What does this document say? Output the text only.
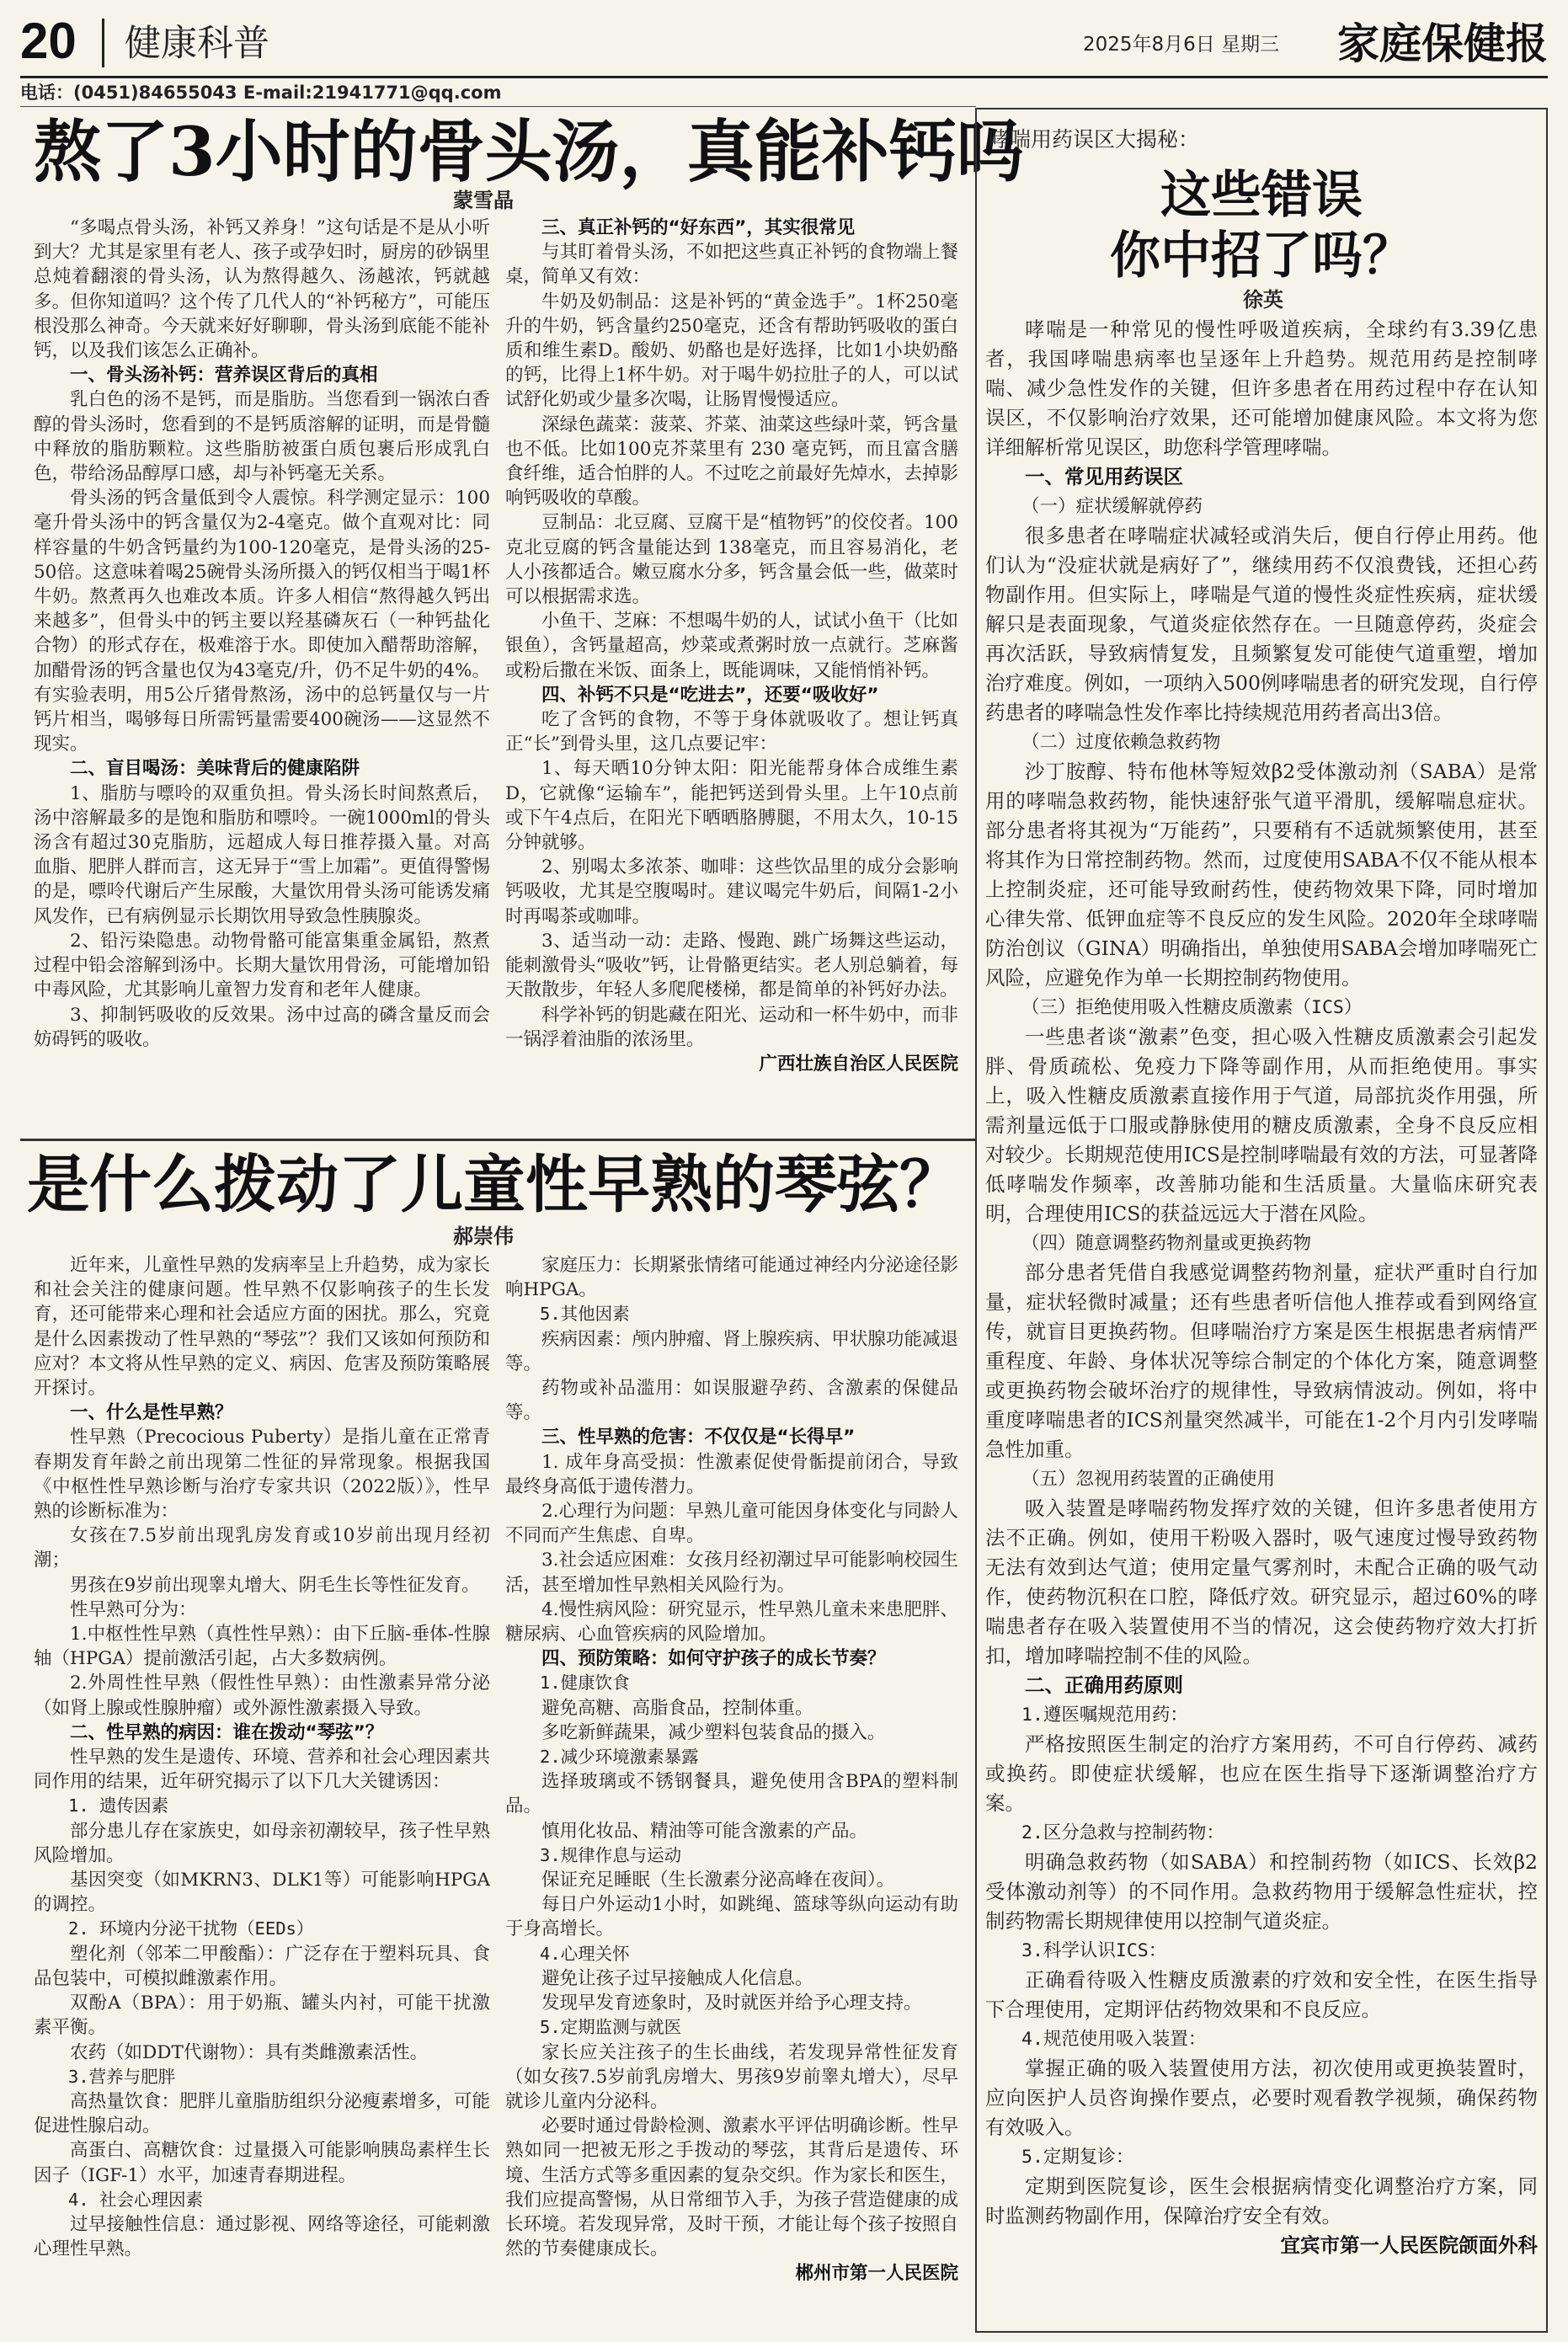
20 健康科普	2025年8月6日 星期三 家庭保健报
电话：(0451)84655043 E-mail:21941771@qq.com
熬了3小时的骨头汤，真能补钙吗
蒙雪晶

“多喝点骨头汤，补钙又养身！”这句话是不是从小听到大？尤其是家里有老人、孩子或孕妇时，厨房的砂锅里总炖着翻滚的骨头汤，认为熬得越久、汤越浓，钙就越多。但你知道吗？这个传了几代人的“补钙秘方”，可能压根没那么神奇。今天就来好好聊聊，骨头汤到底能不能补钙，以及我们该怎么正确补。

一、骨头汤补钙：营养误区背后的真相

乳白色的汤不是钙，而是脂肪。当您看到一锅浓白香醇的骨头汤时，您看到的不是钙质溶解的证明，而是骨髓中释放的脂肪颗粒。这些脂肪被蛋白质包裹后形成乳白色，带给汤品醇厚口感，却与补钙毫无关系。

骨头汤的钙含量低到令人震惊。科学测定显示：100毫升骨头汤中的钙含量仅为2-4毫克。做个直观对比：同样容量的牛奶含钙量约为100-120毫克，是骨头汤的25-50倍。这意味着喝25碗骨头汤所摄入的钙仅相当于喝1杯牛奶。熬煮再久也难改本质。许多人相信“熬得越久钙出来越多”，但骨头中的钙主要以羟基磷灰石（一种钙盐化合物）的形式存在，极难溶于水。即使加入醋帮助溶解，加醋骨汤的钙含量也仅为43毫克/升，仍不足牛奶的4%。有实验表明，用5公斤猪骨熬汤，汤中的总钙量仅与一片钙片相当，喝够每日所需钙量需要400碗汤——这显然不现实。

二、盲目喝汤：美味背后的健康陷阱

1、脂肪与嘌呤的双重负担。骨头汤长时间熬煮后，汤中溶解最多的是饱和脂肪和嘌呤。一碗1000ml的骨头汤含有超过30克脂肪，远超成人每日推荐摄入量。对高血脂、肥胖人群而言，这无异于“雪上加霜”。更值得警惕的是，嘌呤代谢后产生尿酸，大量饮用骨头汤可能诱发痛风发作，已有病例显示长期饮用导致急性胰腺炎。

2、铅污染隐患。动物骨骼可能富集重金属铅，熬煮过程中铅会溶解到汤中。长期大量饮用骨汤，可能增加铅中毒风险，尤其影响儿童智力发育和老年人健康。

3、抑制钙吸收的反效果。汤中过高的磷含量反而会妨碍钙的吸收。

三、真正补钙的“好东西”，其实很常见

与其盯着骨头汤，不如把这些真正补钙的食物端上餐桌，简单又有效：

牛奶及奶制品：这是补钙的“黄金选手”。1杯250毫升的牛奶，钙含量约250毫克，还含有帮助钙吸收的蛋白质和维生素D。酸奶、奶酪也是好选择，比如1小块奶酪的钙，比得上1杯牛奶。对于喝牛奶拉肚子的人，可以试试舒化奶或少量多次喝，让肠胃慢慢适应。

深绿色蔬菜：菠菜、芥菜、油菜这些绿叶菜，钙含量也不低。比如100克芥菜里有 230 毫克钙，而且富含膳食纤维，适合怕胖的人。不过吃之前最好先焯水，去掉影响钙吸收的草酸。

豆制品：北豆腐、豆腐干是“植物钙”的佼佼者。100克北豆腐的钙含量能达到 138毫克，而且容易消化，老人小孩都适合。嫩豆腐水分多，钙含量会低一些，做菜时可以根据需求选。

小鱼干、芝麻：不想喝牛奶的人，试试小鱼干（比如银鱼），含钙量超高，炒菜或煮粥时放一点就行。芝麻酱或粉后撒在米饭、面条上，既能调味，又能悄悄补钙。

四、补钙不只是“吃进去”，还要“吸收好”

吃了含钙的食物，不等于身体就吸收了。想让钙真正“长”到骨头里，这几点要记牢：

1、每天晒10分钟太阳：阳光能帮身体合成维生素D，它就像“运输车”，能把钙送到骨头里。上午10点前或下午4点后，在阳光下晒晒胳膊腿，不用太久，10-15分钟就够。

2、别喝太多浓茶、咖啡：这些饮品里的成分会影响钙吸收，尤其是空腹喝时。建议喝完牛奶后，间隔1-2小时再喝茶或咖啡。

3、适当动一动：走路、慢跑、跳广场舞这些运动，能刺激骨头“吸收”钙，让骨骼更结实。老人别总躺着，每天散散步，年轻人多爬爬楼梯，都是简单的补钙好办法。

科学补钙的钥匙藏在阳光、运动和一杯牛奶中，而非一锅浮着油脂的浓汤里。

广西壮族自治区人民医院

是什么拨动了儿童性早熟的琴弦？
郝崇伟

近年来，儿童性早熟的发病率呈上升趋势，成为家长和社会关注的健康问题。性早熟不仅影响孩子的生长发育，还可能带来心理和社会适应方面的困扰。那么，究竟是什么因素拨动了性早熟的“琴弦”？我们又该如何预防和应对？本文将从性早熟的定义、病因、危害及预防策略展开探讨。

一、什么是性早熟？

性早熟（Precocious Puberty）是指儿童在正常青春期发育年龄之前出现第二性征的异常现象。根据我国《中枢性性早熟诊断与治疗专家共识（2022版）》，性早熟的诊断标准为：

女孩在7.5岁前出现乳房发育或10岁前出现月经初潮；

男孩在9岁前出现睾丸增大、阴毛生长等性征发育。

性早熟可分为：

1.中枢性性早熟（真性性早熟）：由下丘脑-垂体-性腺轴（HPGA）提前激活引起，占大多数病例。

2.外周性性早熟（假性性早熟）：由性激素异常分泌（如肾上腺或性腺肿瘤）或外源性激素摄入导致。

二、性早熟的病因：谁在拨动“琴弦”？

性早熟的发生是遗传、环境、营养和社会心理因素共同作用的结果，近年研究揭示了以下几大关键诱因：

1. 遗传因素

部分患儿存在家族史，如母亲初潮较早，孩子性早熟风险增加。

基因突变（如MKRN3、DLK1等）可能影响HPGA的调控。

2. 环境内分泌干扰物（EEDs）

塑化剂（邻苯二甲酸酯）：广泛存在于塑料玩具、食品包装中，可模拟雌激素作用。

双酚A（BPA）：用于奶瓶、罐头内衬，可能干扰激素平衡。

农药（如DDT代谢物）：具有类雌激素活性。

3.营养与肥胖

高热量饮食：肥胖儿童脂肪组织分泌瘦素增多，可能促进性腺启动。

高蛋白、高糖饮食：过量摄入可能影响胰岛素样生长因子（IGF-1）水平，加速青春期进程。

4. 社会心理因素

过早接触性信息：通过影视、网络等途径，可能刺激心理性早熟。

家庭压力：长期紧张情绪可能通过神经内分泌途径影响HPGA。

5.其他因素

疾病因素：颅内肿瘤、肾上腺疾病、甲状腺功能减退等。

药物或补品滥用：如误服避孕药、含激素的保健品等。

三、性早熟的危害：不仅仅是“长得早”

1. 成年身高受损：性激素促使骨骺提前闭合，导致最终身高低于遗传潜力。

2.心理行为问题：早熟儿童可能因身体变化与同龄人不同而产生焦虑、自卑。

3.社会适应困难：女孩月经初潮过早可能影响校园生活，甚至增加性早熟相关风险行为。

4.慢性病风险：研究显示，性早熟儿童未来患肥胖、糖尿病、心血管疾病的风险增加。

四、预防策略：如何守护孩子的成长节奏？

1.健康饮食

避免高糖、高脂食品，控制体重。

多吃新鲜蔬果，减少塑料包装食品的摄入。

2.减少环境激素暴露

选择玻璃或不锈钢餐具，避免使用含BPA的塑料制品。

慎用化妆品、精油等可能含激素的产品。

3.规律作息与运动

保证充足睡眠（生长激素分泌高峰在夜间）。

每日户外运动1小时，如跳绳、篮球等纵向运动有助于身高增长。

4.心理关怀

避免让孩子过早接触成人化信息。

发现早发育迹象时，及时就医并给予心理支持。

5.定期监测与就医

家长应关注孩子的生长曲线，若发现异常性征发育（如女孩7.5岁前乳房增大、男孩9岁前睾丸增大），尽早就诊儿童内分泌科。

必要时通过骨龄检测、激素水平评估明确诊断。性早熟如同一把被无形之手拨动的琴弦，其背后是遗传、环境、生活方式等多重因素的复杂交织。作为家长和医生，我们应提高警惕，从日常细节入手，为孩子营造健康的成长环境。若发现异常，及时干预，才能让每个孩子按照自然的节奏健康成长。

郴州市第一人民医院

哮喘用药误区大揭秘：
这些错误
你中招了吗？
徐英

哮喘是一种常见的慢性呼吸道疾病，全球约有3.39亿患者，我国哮喘患病率也呈逐年上升趋势。规范用药是控制哮喘、减少急性发作的关键，但许多患者在用药过程中存在认知误区，不仅影响治疗效果，还可能增加健康风险。本文将为您详细解析常见误区，助您科学管理哮喘。

一、常见用药误区

（一）症状缓解就停药

很多患者在哮喘症状减轻或消失后，便自行停止用药。他们认为“没症状就是病好了”，继续用药不仅浪费钱，还担心药物副作用。但实际上，哮喘是气道的慢性炎症性疾病，症状缓解只是表面现象，气道炎症依然存在。一旦随意停药，炎症会再次活跃，导致病情复发，且频繁复发可能使气道重塑，增加治疗难度。例如，一项纳入500例哮喘患者的研究发现，自行停药患者的哮喘急性发作率比持续规范用药者高出3倍。

（二）过度依赖急救药物

沙丁胺醇、特布他林等短效β2受体激动剂（SABA）是常用的哮喘急救药物，能快速舒张气道平滑肌，缓解喘息症状。部分患者将其视为“万能药”，只要稍有不适就频繁使用，甚至将其作为日常控制药物。然而，过度使用SABA不仅不能从根本上控制炎症，还可能导致耐药性，使药物效果下降，同时增加心律失常、低钾血症等不良反应的发生风险。2020年全球哮喘防治创议（GINA）明确指出，单独使用SABA会增加哮喘死亡风险，应避免作为单一长期控制药物使用。

（三）拒绝使用吸入性糖皮质激素（ICS）

一些患者谈“激素”色变，担心吸入性糖皮质激素会引起发胖、骨质疏松、免疫力下降等副作用，从而拒绝使用。事实上，吸入性糖皮质激素直接作用于气道，局部抗炎作用强，所需剂量远低于口服或静脉使用的糖皮质激素，全身不良反应相对较少。长期规范使用ICS是控制哮喘最有效的方法，可显著降低哮喘发作频率，改善肺功能和生活质量。大量临床研究表明，合理使用ICS的获益远远大于潜在风险。

（四）随意调整药物剂量或更换药物

部分患者凭借自我感觉调整药物剂量，症状严重时自行加量，症状轻微时减量；还有些患者听信他人推荐或看到网络宣传，就盲目更换药物。但哮喘治疗方案是医生根据患者病情严重程度、年龄、身体状况等综合制定的个体化方案，随意调整或更换药物会破坏治疗的规律性，导致病情波动。例如，将中重度哮喘患者的ICS剂量突然减半，可能在1-2个月内引发哮喘急性加重。

（五）忽视用药装置的正确使用

吸入装置是哮喘药物发挥疗效的关键，但许多患者使用方法不正确。例如，使用干粉吸入器时，吸气速度过慢导致药物无法有效到达气道；使用定量气雾剂时，未配合正确的吸气动作，使药物沉积在口腔，降低疗效。研究显示，超过60%的哮喘患者存在吸入装置使用不当的情况，这会使药物疗效大打折扣，增加哮喘控制不佳的风险。

二、正确用药原则

1.遵医嘱规范用药：

严格按照医生制定的治疗方案用药，不可自行停药、减药或换药。即使症状缓解，也应在医生指导下逐渐调整治疗方案。

2.区分急救与控制药物：

明确急救药物（如SABA）和控制药物（如ICS、长效β2受体激动剂等）的不同作用。急救药物用于缓解急性症状，控制药物需长期规律使用以控制气道炎症。

3.科学认识ICS：

正确看待吸入性糖皮质激素的疗效和安全性，在医生指导下合理使用，定期评估药物效果和不良反应。

4.规范使用吸入装置：

掌握正确的吸入装置使用方法，初次使用或更换装置时，应向医护人员咨询操作要点，必要时观看教学视频，确保药物有效吸入。

5.定期复诊：

定期到医院复诊，医生会根据病情变化调整治疗方案，同时监测药物副作用，保障治疗安全有效。

宜宾市第一人民医院颌面外科
